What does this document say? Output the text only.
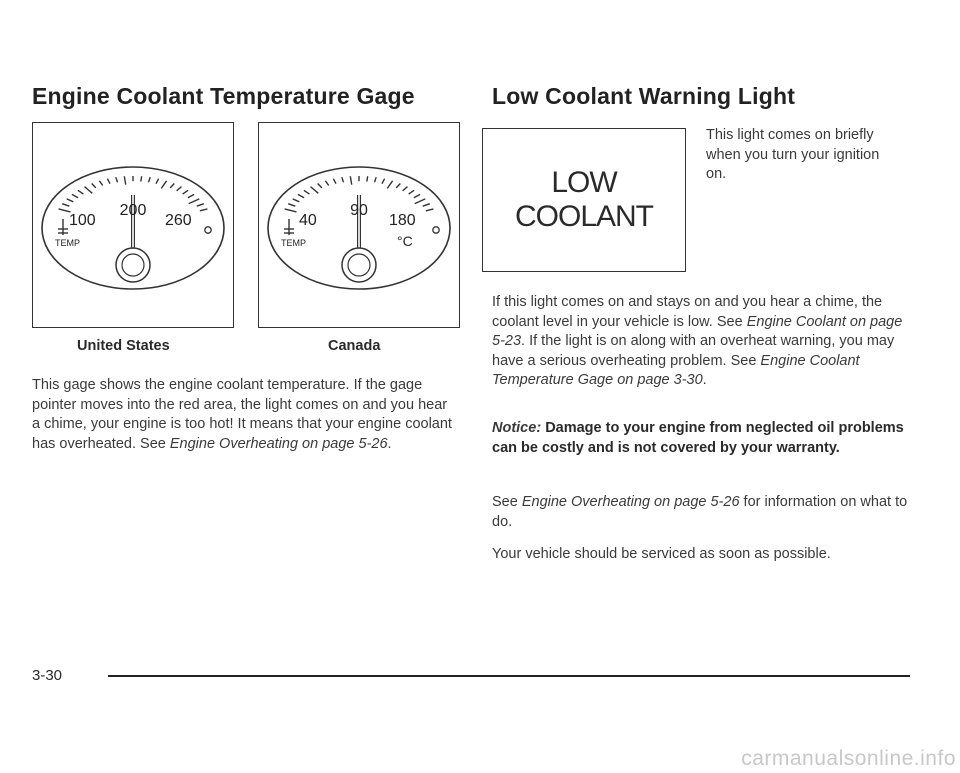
Engine Coolant Temperature Gage
200
100	260
TEMP
United States
90
40	180
°C
TEMP
Canada

This gage shows the engine coolant temperature. If the gage pointer moves into the red area, the light comes on and you hear a chime, your engine is too hot! It means that your engine coolant has overheated. See Engine Overheating on page 5-26.

Low Coolant Warning Light
LOW
COOLANT

This light comes on briefly when you turn your ignition on.

If this light comes on and stays on and you hear a chime, the coolant level in your vehicle is low. See Engine Coolant on page 5-23. If the light is on along with an overheat warning, you may have a serious overheating problem. See Engine Coolant Temperature Gage on page 3-30.

Notice: Damage to your engine from neglected oil problems can be costly and is not covered by your warranty.

See Engine Overheating on page 5-26 for information on what to do.

Your vehicle should be serviced as soon as possible.

3-30
carmanualsonline.info
